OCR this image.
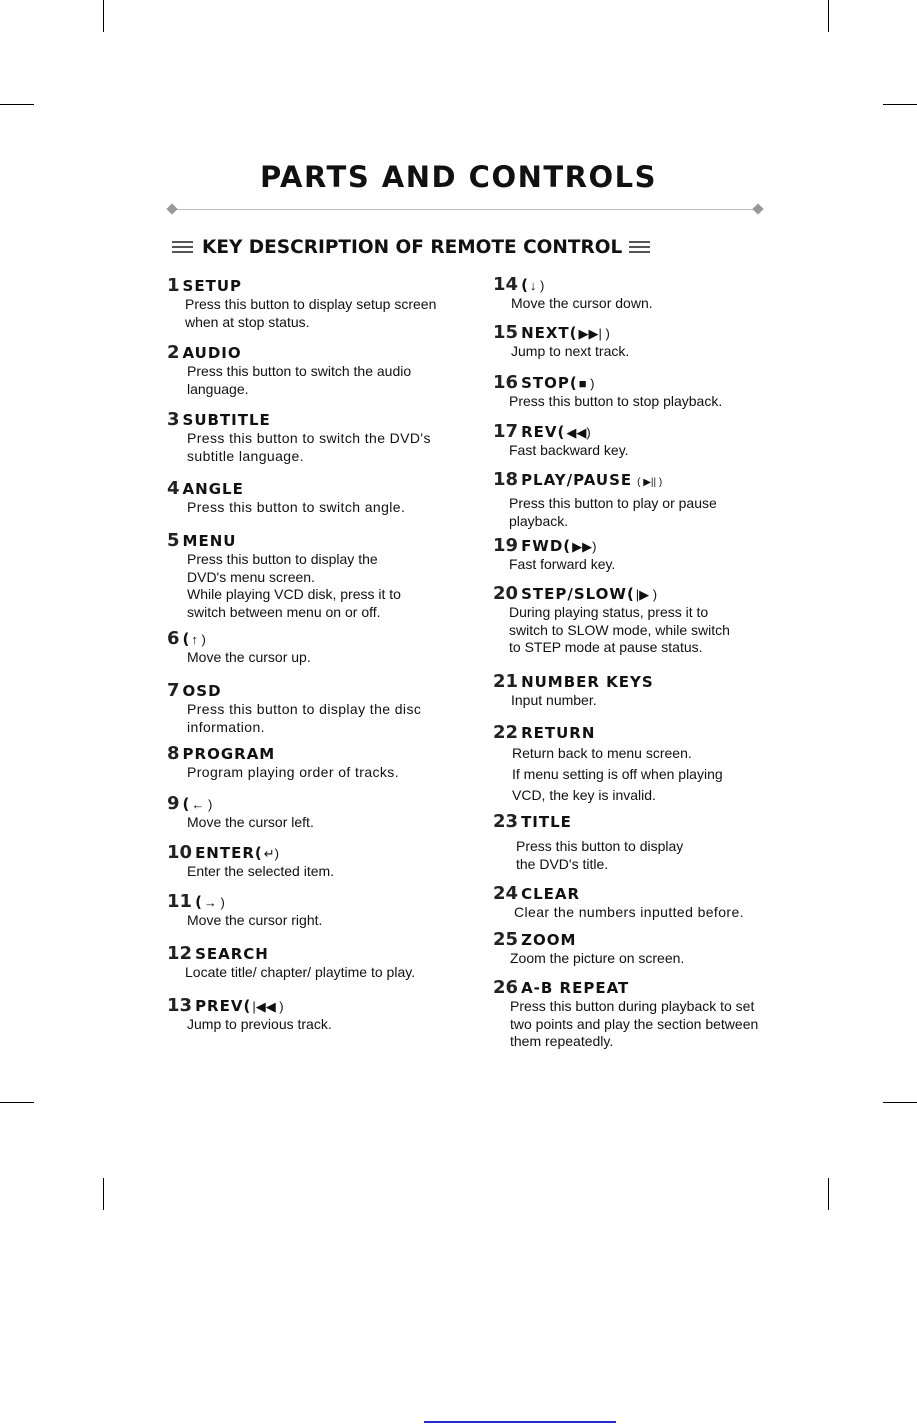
PARTS AND CONTROLS
KEY DESCRIPTION OF REMOTE CONTROL
1 SETUP
Press this button to display setup screen
when at stop status.
2 AUDIO
Press this button to switch the audio
language.
3 SUBTITLE
Press this button to switch the DVD's
subtitle language.
4 ANGLE
Press this button to switch angle.
5 MENU
Press this button to display the
DVD's menu screen.
While playing VCD disk, press it to
switch between menu on or off.
6 ( ↑ )
Move the cursor up.
7 OSD
Press this button to display the disc
information.
8 PROGRAM
Program playing order of tracks.
9 ( ← )
Move the cursor left.
10 ENTER( ↵)
Enter the selected item.
11 ( → )
Move the cursor right.
12 SEARCH
Locate title/ chapter/ playtime to play.
13 PREV( |◀◀ )
Jump to previous track.
14 ( ↓ )
Move the cursor down.
15 NEXT( ▶▶| )
Jump to next track.
16 STOP( ■ )
Press this button to stop playback.
17 REV( ◀◀)
Fast backward key.
18 PLAY/PAUSE ( ▶|| )
Press this button to play or pause
playback.
19 FWD( ▶▶)
Fast forward key.
20 STEP/SLOW( |▶ )
During playing status, press it to
switch to SLOW mode, while switch
to STEP mode at pause status.
21 NUMBER KEYS
Input number.
22 RETURN
Return back to menu screen.
If menu setting is off when playing
VCD, the key is invalid.
23 TITLE
Press this button to display
the DVD's title.
24 CLEAR
Clear the numbers inputted before.
25 ZOOM
Zoom the picture on screen.
26 A-B REPEAT
Press this button during playback to set
two points and play the section between
them repeatedly.
